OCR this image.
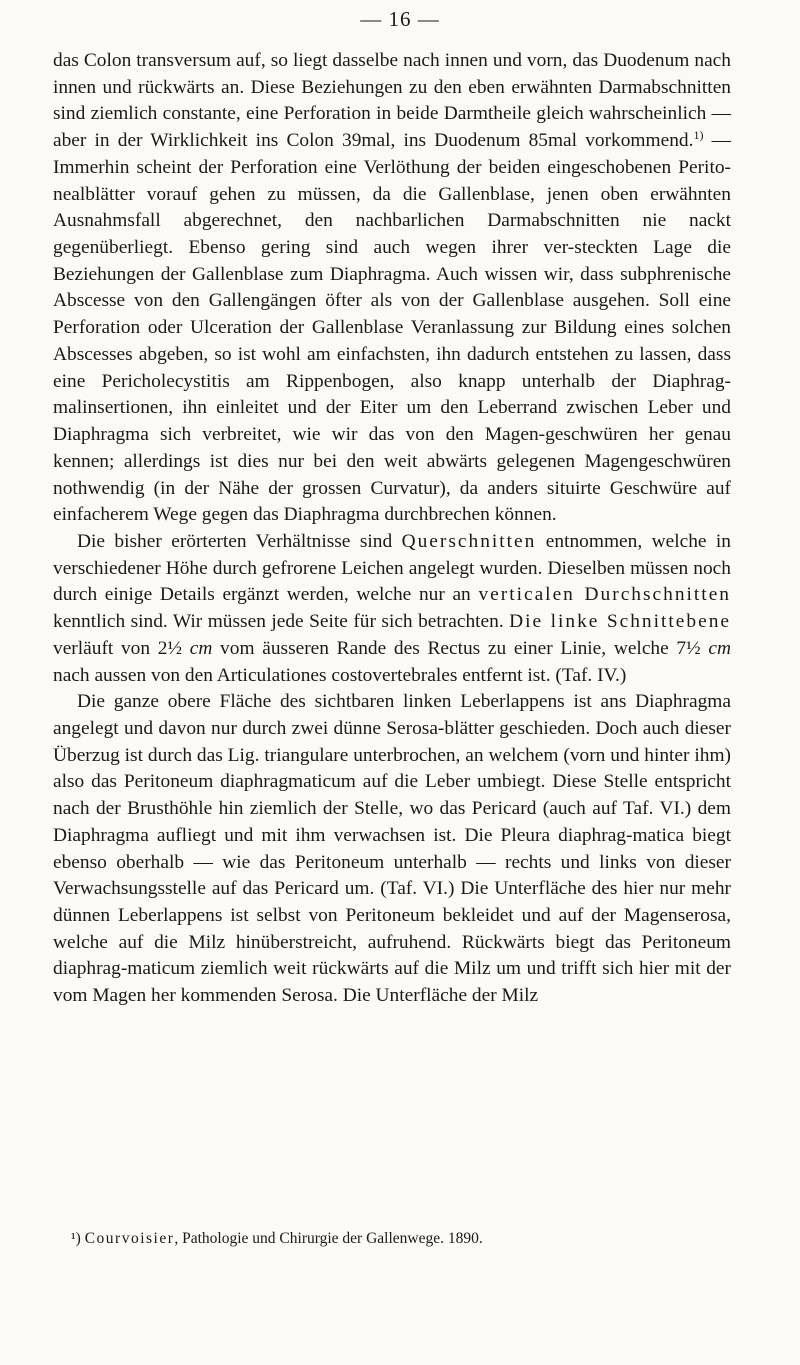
— 16 —

das Colon transversum auf, so liegt dasselbe nach innen und vorn, das Duodenum nach innen und rückwärts an. Diese Beziehungen zu den eben erwähnten Darmabschnitten sind ziemlich constante, eine Perforation in beide Darmtheile gleich wahrscheinlich — aber in der Wirklichkeit ins Colon 39mal, ins Duodenum 85mal vorkommend.$^{1)}$ — Immerhin scheint der Perforation eine Verlöthung der beiden eingeschobenen Perito-nealblätter vorauf gehen zu müssen, da die Gallenblase, jenen oben erwähnten Ausnahmsfall abgerechnet, den nachbarlichen Darmabschnitten nie nackt gegenüberliegt. Ebenso gering sind auch wegen ihrer ver-steckten Lage die Beziehungen der Gallenblase zum Diaphragma. Auch wissen wir, dass subphrenische Abscesse von den Gallengängen öfter als von der Gallenblase ausgehen. Soll eine Perforation oder Ulceration der Gallenblase Veranlassung zur Bildung eines solchen Abscesses abgeben, so ist wohl am einfachsten, ihn dadurch entstehen zu lassen, dass eine Pericholecystitis am Rippenbogen, also knapp unterhalb der Diaphrag-malinsertionen, ihn einleitet und der Eiter um den Leberrand zwischen Leber und Diaphragma sich verbreitet, wie wir das von den Magen-geschwüren her genau kennen; allerdings ist dies nur bei den weit abwärts gelegenen Magengeschwüren nothwendig (in der Nähe der grossen Curvatur), da anders situirte Geschwüre auf einfacherem Wege gegen das Diaphragma durchbrechen können.

Die bisher erörterten Verhältnisse sind Querschnitten entnommen, welche in verschiedener Höhe durch gefrorene Leichen angelegt wurden. Dieselben müssen noch durch einige Details ergänzt werden, welche nur an verticalen Durchschnitten kenntlich sind. Wir müssen jede Seite für sich betrachten. Die linke Schnittebene verläuft von 2½ cm vom äusseren Rande des Rectus zu einer Linie, welche 7½ cm nach aussen von den Articulationes costovertebrales entfernt ist. (Taf. IV.)

Die ganze obere Fläche des sichtbaren linken Leberlappens ist ans Diaphragma angelegt und davon nur durch zwei dünne Serosa-blätter geschieden. Doch auch dieser Überzug ist durch das Lig. triangulare unterbrochen, an welchem (vorn und hinter ihm) also das Peritoneum diaphragmaticum auf die Leber umbiegt. Diese Stelle entspricht nach der Brusthöhle hin ziemlich der Stelle, wo das Pericard (auch auf Taf. VI.) dem Diaphragma aufliegt und mit ihm verwachsen ist. Die Pleura diaphrag-matica biegt ebenso oberhalb — wie das Peritoneum unterhalb — rechts und links von dieser Verwachsungsstelle auf das Pericard um. (Taf. VI.) Die Unterfläche des hier nur mehr dünnen Leberlappens ist selbst von Peritoneum bekleidet und auf der Magenserosa, welche auf die Milz hinüberstreicht, aufruhend. Rückwärts biegt das Peritoneum diaphrag-maticum ziemlich weit rückwärts auf die Milz um und trifft sich hier mit der vom Magen her kommenden Serosa. Die Unterfläche der Milz

¹) Courvoisier, Pathologie und Chirurgie der Gallenwege. 1890.
